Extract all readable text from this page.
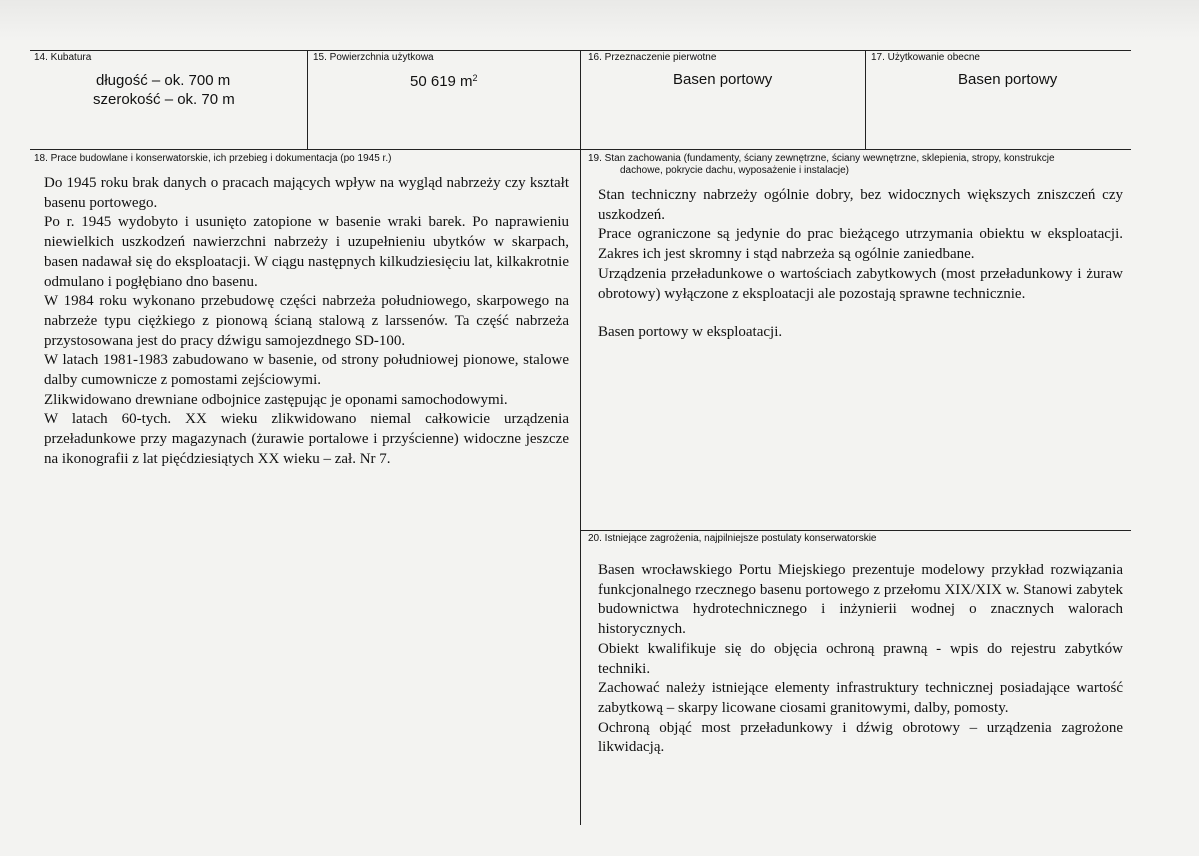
14. Kubatura
długość – ok. 700 m
szerokość – ok. 70 m
15. Powierzchnia użytkowa
50 619 $m^2$
16. Przeznaczenie pierwotne
Basen portowy
17. Użytkowanie obecne
Basen portowy
18. Prace budowlane i konserwatorskie, ich przebieg i dokumentacja (po 1945 r.)

Do 1945 roku brak danych o pracach mających wpływ na wygląd nabrzeży czy kształt basenu portowego.

Po r. 1945 wydobyto i usunięto zatopione w basenie wraki barek. Po naprawieniu niewielkich uszkodzeń nawierzchni nabrzeży i uzupełnieniu ubytków w skarpach, basen nadawał się do eksploatacji. W ciągu następnych kilkudziesięciu lat, kilkakrotnie odmulano i pogłębiano dno basenu.

W 1984 roku wykonano przebudowę części nabrzeża południowego, skarpowego na nabrzeże typu ciężkiego z pionową ścianą stalową z larssenów. Ta część nabrzeża przystosowana jest do pracy dźwigu samojezdnego SD-100.

W latach 1981-1983 zabudowano w basenie, od strony południowej pionowe, stalowe dalby cumownicze z pomostami zejściowymi.

Zlikwidowano drewniane odbojnice zastępując je oponami samochodowymi.

W latach 60-tych. XX wieku zlikwidowano niemal całkowicie urządzenia przeładunkowe przy magazynach (żurawie portalowe i przyścienne) widoczne jeszcze na ikonografii z lat pięćdziesiątych XX wieku – zał. Nr 7.

19. Stan zachowania (fundamenty, ściany zewnętrzne, ściany wewnętrzne, sklepienia, stropy, konstrukcje
dachowe, pokrycie dachu, wyposażenie i instalacje)

Stan techniczny nabrzeży ogólnie dobry, bez widocznych większych zniszczeń czy uszkodzeń.

Prace ograniczone są jedynie do prac bieżącego utrzymania obiektu w eksploatacji. Zakres ich jest skromny i stąd nabrzeża są ogólnie zaniedbane.

Urządzenia przeładunkowe o wartościach zabytkowych (most przeładunkowy i żuraw obrotowy) wyłączone z eksploatacji ale pozostają sprawne technicznie.

Basen portowy w eksploatacji.

20. Istniejące zagrożenia, najpilniejsze postulaty konserwatorskie

Basen wrocławskiego Portu Miejskiego prezentuje modelowy przykład rozwiązania funkcjonalnego rzecznego basenu portowego z przełomu XIX/XIX w. Stanowi zabytek budownictwa hydrotechnicznego i inżynierii wodnej o znacznych walorach historycznych.

Obiekt kwalifikuje się do objęcia ochroną prawną - wpis do rejestru zabytków techniki.

Zachować należy istniejące elementy infrastruktury technicznej posiadające wartość zabytkową – skarpy licowane ciosami granitowymi, dalby, pomosty.

Ochroną objąć most przeładunkowy i dźwig obrotowy – urządzenia zagrożone likwidacją.
